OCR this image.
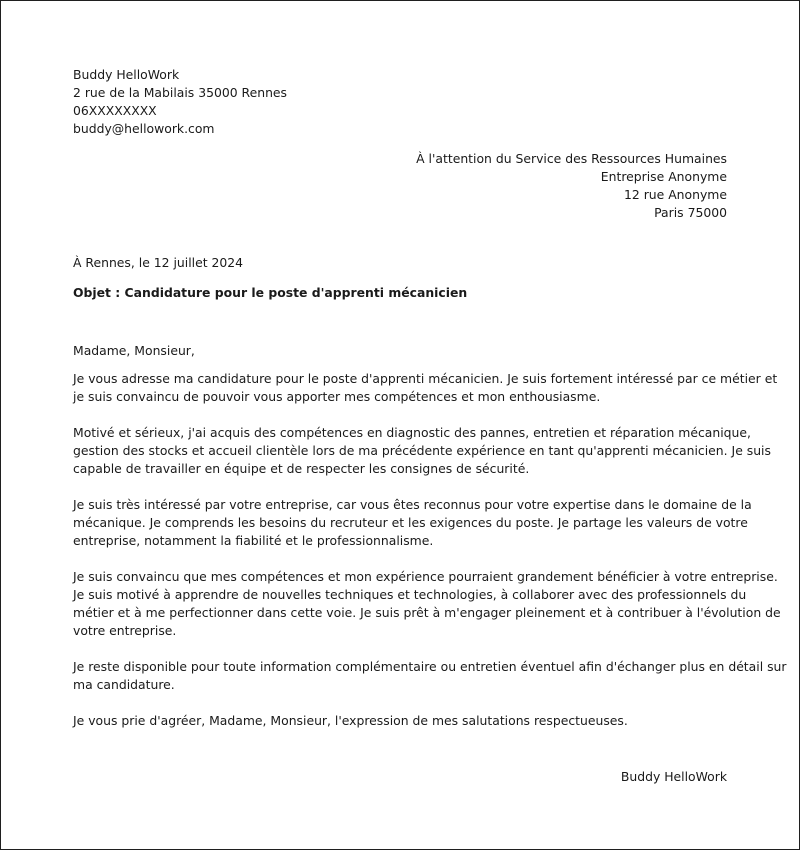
Buddy HelloWork
2 rue de la Mabilais 35000 Rennes
06XXXXXXXX
buddy@hellowork.com
À l'attention du Service des Ressources Humaines
Entreprise Anonyme
12 rue Anonyme
Paris 75000
À Rennes, le 12 juillet 2024
Objet : Candidature pour le poste d'apprenti mécanicien

Madame, Monsieur,

Je vous adresse ma candidature pour le poste d'apprenti mécanicien. Je suis fortement intéressé par ce métier et
je suis convaincu de pouvoir vous apporter mes compétences et mon enthousiasme.

Motivé et sérieux, j'ai acquis des compétences en diagnostic des pannes, entretien et réparation mécanique,
gestion des stocks et accueil clientèle lors de ma précédente expérience en tant qu'apprenti mécanicien. Je suis
capable de travailler en équipe et de respecter les consignes de sécurité.

Je suis très intéressé par votre entreprise, car vous êtes reconnus pour votre expertise dans le domaine de la
mécanique. Je comprends les besoins du recruteur et les exigences du poste. Je partage les valeurs de votre
entreprise, notamment la fiabilité et le professionnalisme.

Je suis convaincu que mes compétences et mon expérience pourraient grandement bénéficier à votre entreprise.
Je suis motivé à apprendre de nouvelles techniques et technologies, à collaborer avec des professionnels du
métier et à me perfectionner dans cette voie. Je suis prêt à m'engager pleinement et à contribuer à l'évolution de
votre entreprise.

Je reste disponible pour toute information complémentaire ou entretien éventuel afin d'échanger plus en détail sur
ma candidature.

Je vous prie d'agréer, Madame, Monsieur, l'expression de mes salutations respectueuses.

Buddy HelloWork
